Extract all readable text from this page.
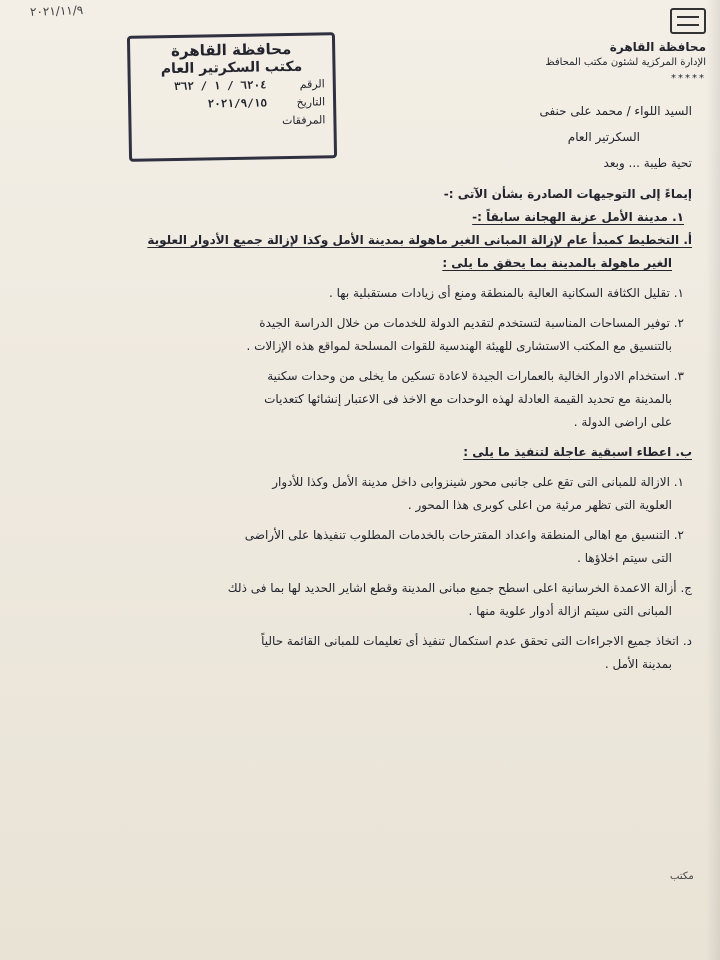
٢٠٢١/١١/٩
محافظة القاهرة
الإدارة المركزية لشئون مكتب المحافظ
*****
محافظة القاهرة
مكتب السكرتير العام
الرقم
٦٢٠٤ / ١ / ٣٦٢
التاريخ
٢٠٢١/٩/١٥
المرفقات
السيد اللواء / محمد على حنفى
السكرتير العام
تحية طيبة ... وبعد

إيماءً إلى التوجيهات الصادرة بشأن الآتى :-

١. مدينة الأمل عزبة الهجانة سابقاً :-

أ. التخطيط كمبدأ عام لإزالة المبانى الغير ماهولة بمدينة الأمل وكذا لإزالة جميع الأدوار العلوية

الغير ماهولة بالمدينة بما يحقق ما يلى :

١. تقليل الكثافة السكانية العالية بالمنطقة ومنع أى زيادات مستقبلية بها .

٢. توفير المساحات المناسبة لتستخدم لتقديم الدولة للخدمات من خلال الدراسة الجيدة

بالتنسيق مع المكتب الاستشارى للهيئة الهندسية للقوات المسلحة لمواقع هذه الإزالات .

٣. استخدام الادوار الخالية بالعمارات الجيدة لاعادة تسكين ما يخلى من وحدات سكنية

بالمدينة مع تحديد القيمة العادلة لهذه الوحدات مع الاخذ فى الاعتبار إنشائها كتعديات

على اراضى الدولة .

ب. اعطاء اسبقية عاجلة لتنفيذ ما يلى :

١. الازالة للمبانى التى تقع على جانبى محور شينزوابى داخل مدينة الأمل وكذا للأدوار

العلوية التى تظهر مرئية من اعلى كوبرى هذا المحور .

٢. التنسيق مع اهالى المنطقة واعداد المقترحات بالخدمات المطلوب تنفيذها على الأراضى

التى سيتم اخلاؤها .

ج. أزالة الاعمدة الخرسانية اعلى اسطح جميع مبانى المدينة وقطع اشاير الحديد لها بما فى ذلك

المبانى التى سيتم ازالة أدوار علوية منها .

د. اتخاذ جميع الاجراءات التى تحقق عدم استكمال تنفيذ أى تعليمات للمبانى القائمة حالياً

بمدينة الأمل .

مكتب
